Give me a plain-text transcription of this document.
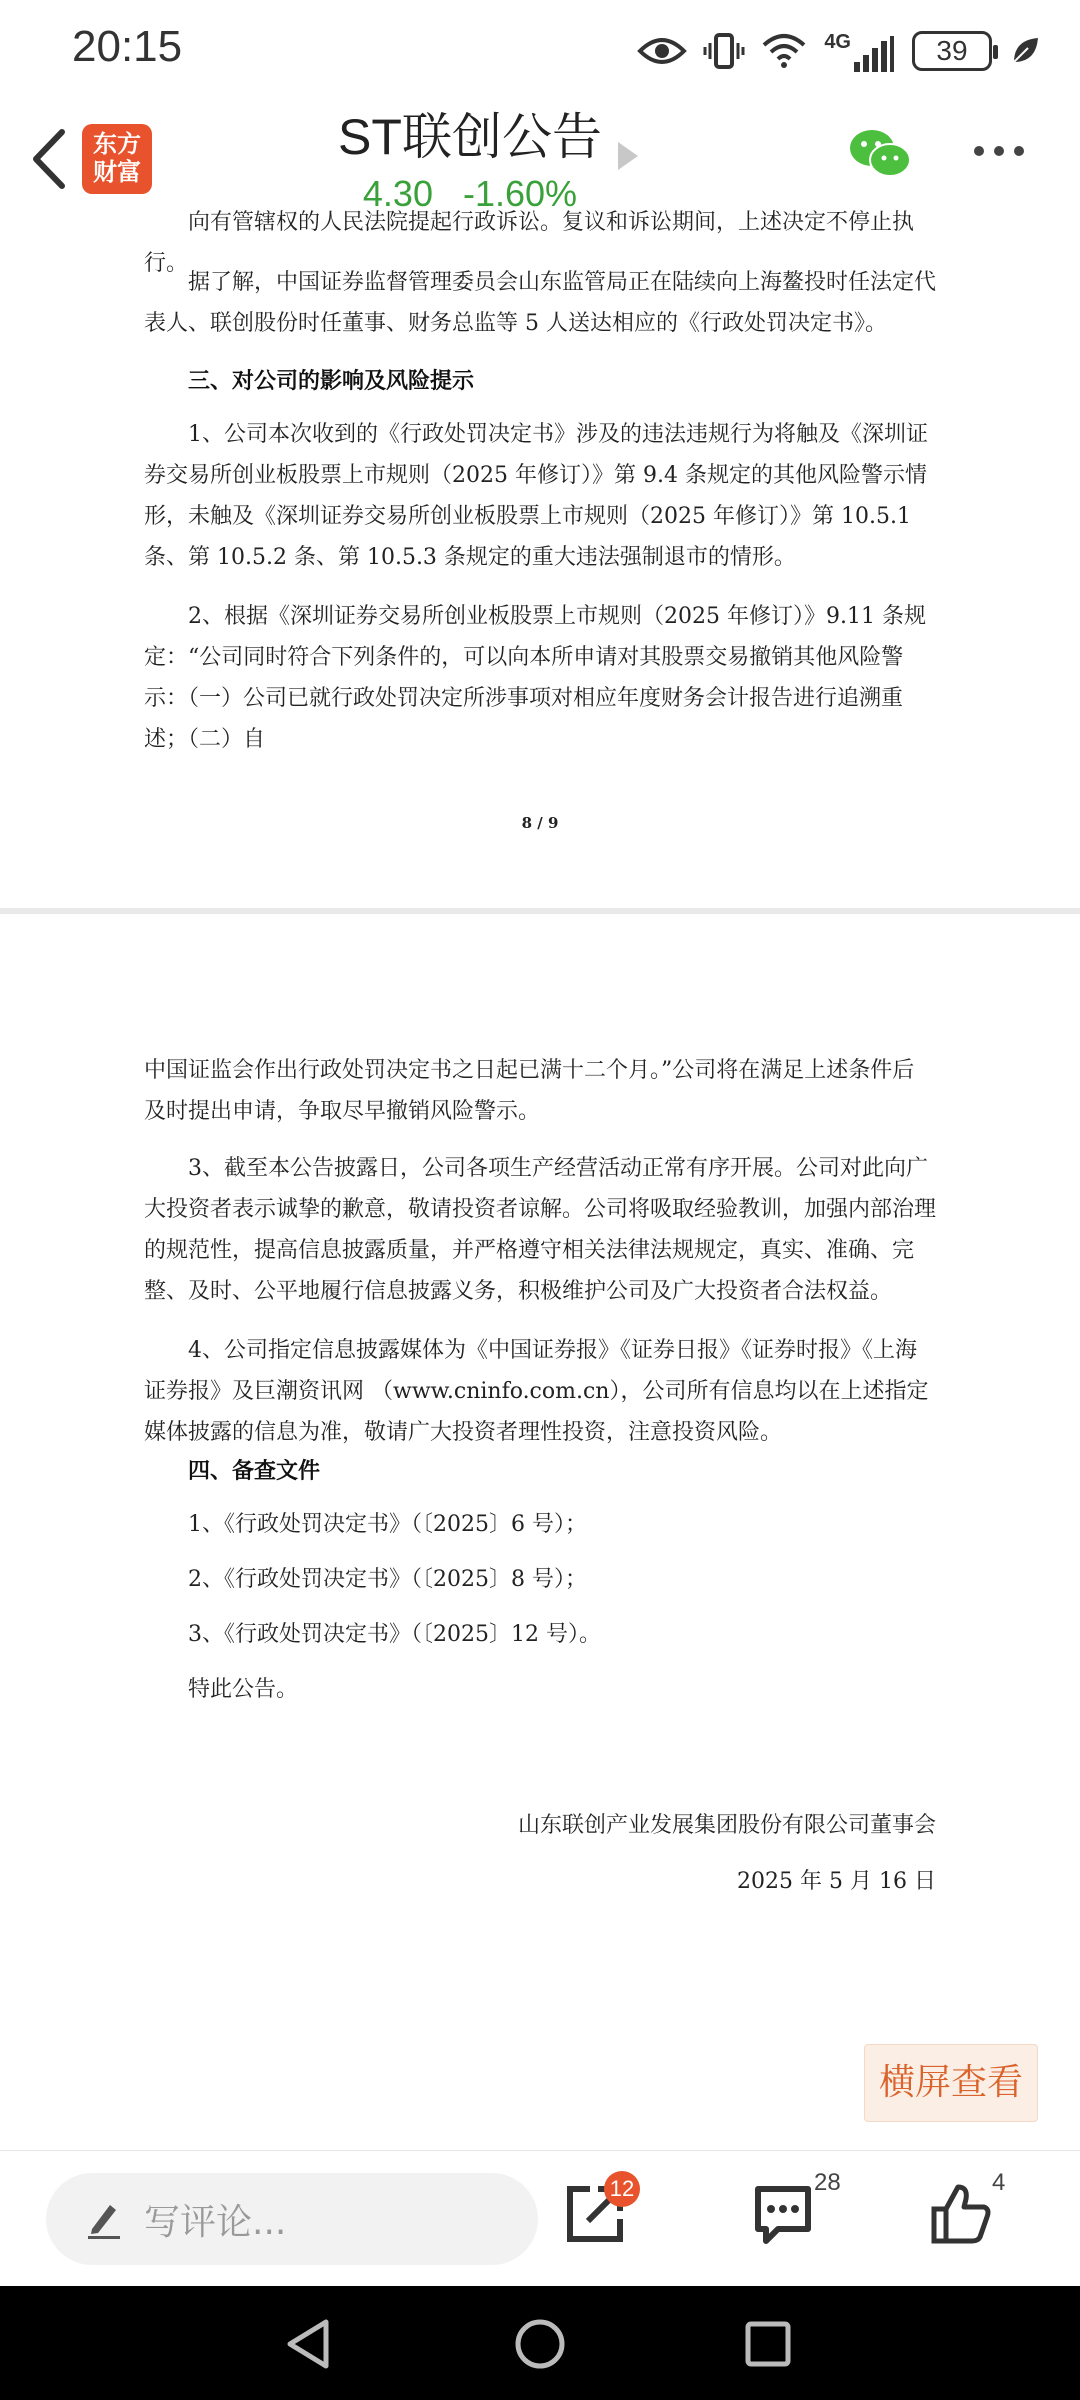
20:15	4G	39
东方
财富
ST联创公告
4.30 -1.60%

向有管辖权的人民法院提起行政诉讼。复议和诉讼期间，上述决定不停止执行。

据了解，中国证券监督管理委员会山东监管局正在陆续向上海鳌投时任法定代表人、联创股份时任董事、财务总监等 5 人送达相应的《行政处罚决定书》。

三、对公司的影响及风险提示

1、公司本次收到的《行政处罚决定书》涉及的违法违规行为将触及《深圳证券交易所创业板股票上市规则（2025 年修订）》第 9.4 条规定的其他风险警示情形，未触及《深圳证券交易所创业板股票上市规则（2025 年修订）》第 10.5.1 条、第 10.5.2 条、第 10.5.3 条规定的重大违法强制退市的情形。

2、根据《深圳证券交易所创业板股票上市规则（2025 年修订）》9.11 条规定：“公司同时符合下列条件的，可以向本所申请对其股票交易撤销其他风险警示：（一）公司已就行政处罚决定所涉事项对相应年度财务会计报告进行追溯重述；（二）自

8 / 9

中国证监会作出行政处罚决定书之日起已满十二个月。”公司将在满足上述条件后及时提出申请，争取尽早撤销风险警示。

3、截至本公告披露日，公司各项生产经营活动正常有序开展。公司对此向广大投资者表示诚挚的歉意，敬请投资者谅解。公司将吸取经验教训，加强内部治理的规范性，提高信息披露质量，并严格遵守相关法律法规规定，真实、准确、完整、及时、公平地履行信息披露义务，积极维护公司及广大投资者合法权益。

4、公司指定信息披露媒体为《中国证券报》《证券日报》《证券时报》《上海证券报》及巨潮资讯网 （www.cninfo.com.cn），公司所有信息均以在上述指定媒体披露的信息为准，敬请广大投资者理性投资，注意投资风险。

四、备查文件

1、《行政处罚决定书》（〔2025〕6 号）；

2、《行政处罚决定书》（〔2025〕8 号）；

3、《行政处罚决定书》（〔2025〕12 号）。

特此公告。

山东联创产业发展集团股份有限公司董事会
2025 年 5 月 16 日
横屏查看
写评论...
12	28	4
